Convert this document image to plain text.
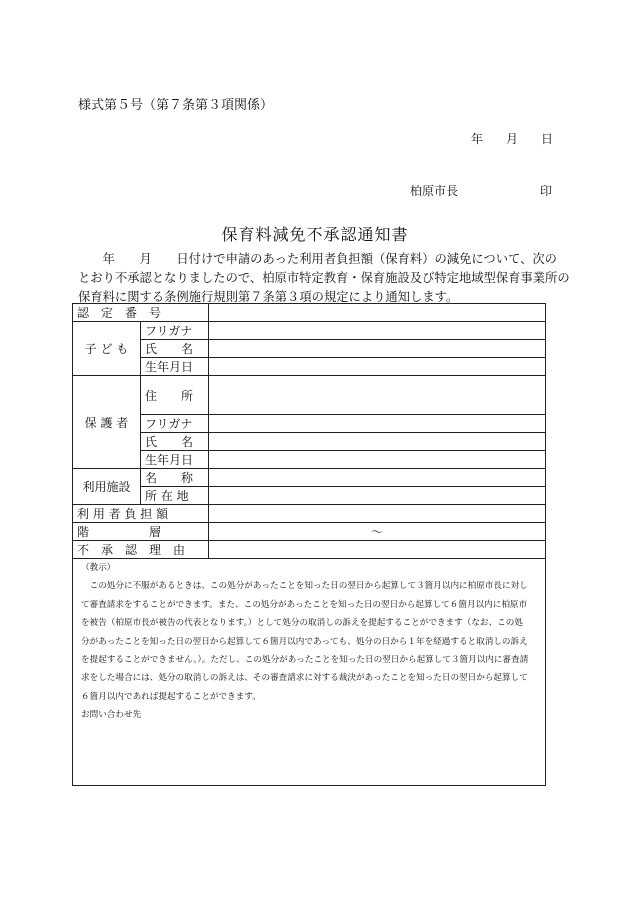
様式第５号（第７条第３項関係）
年 月 日
柏原市長	印
保育料減免不承認通知書

　　年　　月　　日付けで申請のあった利用者負担額（保育料）の減免について、次の

とおり不承認となりましたので、柏原市特定教育・保育施設及び特定地域型保育事業所の

保育料に関する条例施行規則第７条第３項の規定により通知します。

認　定　番　号		
子 ど も	フリガナ	
	氏　　名	
	生年月日	
保 護 者	住　　所	
	フリガナ	
	氏　　名	
	生年月日	
利用施設	名　　称	
	所 在 地	
利 用 者 負 担 額		
階　　　　　層		～
不　承　認　理　由		

（教示）

　この処分に不服があるときは、この処分があったことを知った日の翌日から起算して３箇月以内に柏原市長に対し

て審査請求をすることができます。また、この処分があったことを知った日の翌日から起算して６箇月以内に柏原市

を被告（柏原市長が被告の代表となります。）として処分の取消しの訴えを提起することができます（なお、この処

分があったことを知った日の翌日から起算して６箇月以内であっても、処分の日から１年を経過すると取消しの訴え

を提起することができません。）。ただし、この処分があったことを知った日の翌日から起算して３箇月以内に審査請

求をした場合には、処分の取消しの訴えは、その審査請求に対する裁決があったことを知った日の翌日から起算して

６箇月以内であれば提起することができます。

お問い合わせ先
